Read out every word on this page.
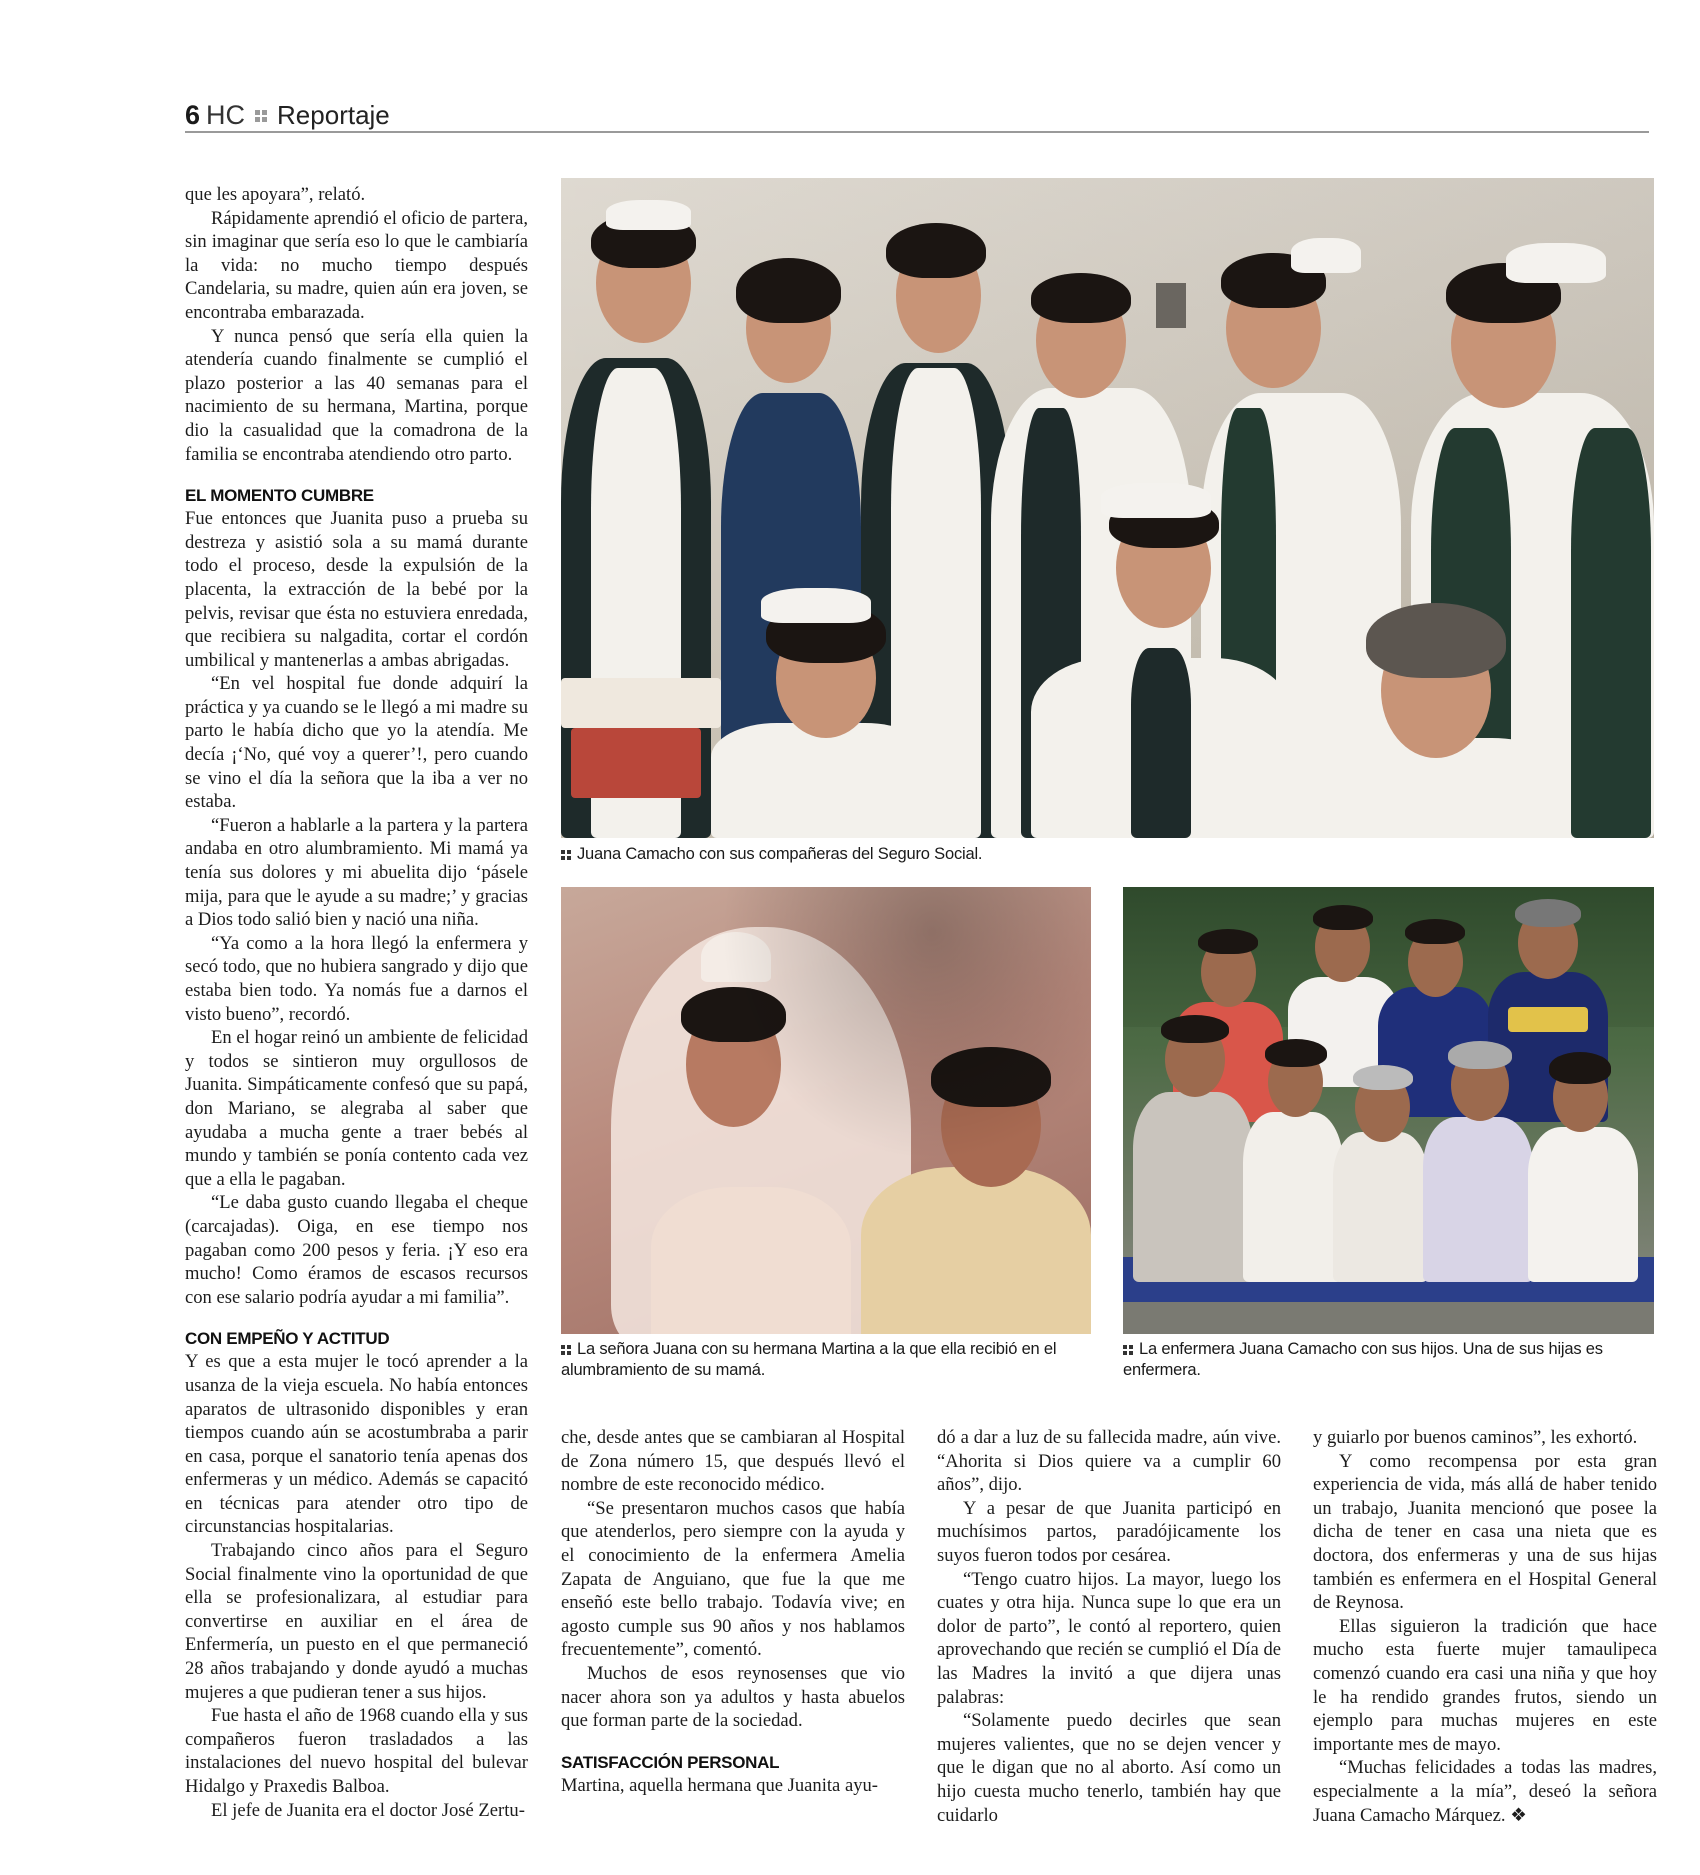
6 HC Reportaje

que les apoyara”, relató.

Rápidamente aprendió el oficio de partera, sin imaginar que sería eso lo que le cambiaría la vida: no mucho tiempo después Candelaria, su madre, quien aún era joven, se encontraba embarazada.

Y nunca pensó que sería ella quien la atendería cuando finalmente se cumplió el plazo posterior a las 40 semanas para el nacimiento de su hermana, Martina, porque dio la casualidad que la comadrona de la familia se encontraba atendiendo otro parto.

EL MOMENTO CUMBRE

Fue entonces que Juanita puso a prueba su destreza y asistió sola a su mamá durante todo el proceso, desde la expulsión de la placenta, la extracción de la bebé por la pelvis, revisar que ésta no estuviera enredada, que recibiera su nalgadita, cortar el cordón umbilical y mantenerlas a ambas abrigadas.

“En vel hospital fue donde adquirí la práctica y ya cuando se le llegó a mi madre su parto le había dicho que yo la atendía. Me decía ¡‘No, qué voy a querer’!, pero cuando se vino el día la señora que la iba a ver no estaba.

“Fueron a hablarle a la partera y la partera andaba en otro alumbramiento. Mi mamá ya tenía sus dolores y mi abuelita dijo ‘pásele mija, para que le ayude a su madre;’ y gracias a Dios todo salió bien y nació una niña.

“Ya como a la hora llegó la enfermera y secó todo, que no hubiera sangrado y dijo que estaba bien todo. Ya nomás fue a darnos el visto bueno”, recordó.

En el hogar reinó un ambiente de felicidad y todos se sintieron muy orgullosos de Juanita. Simpáticamente confesó que su papá, don Mariano, se alegraba al saber que ayudaba a mucha gente a traer bebés al mundo y también se ponía contento cada vez que a ella le pagaban.

“Le daba gusto cuando llegaba el cheque (carcajadas). Oiga, en ese tiempo nos pagaban como 200 pesos y feria. ¡Y eso era mucho! Como éramos de escasos recursos con ese salario podría ayudar a mi familia”.

CON EMPEÑO Y ACTITUD

Y es que a esta mujer le tocó aprender a la usanza de la vieja escuela. No había entonces aparatos de ultrasonido disponibles y eran tiempos cuando aún se acostumbraba a parir en casa, porque el sanatorio tenía apenas dos enfermeras y un médico. Además se capacitó en técnicas para atender otro tipo de circunstancias hospitalarias.

Trabajando cinco años para el Seguro Social finalmente vino la oportunidad de que ella se profesionalizara, al estudiar para convertirse en auxiliar en el área de Enfermería, un puesto en el que permaneció 28 años trabajando y donde ayudó a muchas mujeres a que pudieran tener a sus hijos.

Fue hasta el año de 1968 cuando ella y sus compañeros fueron trasladados a las instalaciones del nuevo hospital del bulevar Hidalgo y Praxedis Balboa.

El jefe de Juanita era el doctor José Zertu-

Juana Camacho con sus compañeras del Seguro Social.
La señora Juana con su hermana Martina a la que ella recibió en el alumbramiento de su mamá.
La enfermera Juana Camacho con sus hijos. Una de sus hijas es enfermera.

che, desde antes que se cambiaran al Hospital de Zona número 15, que después llevó el nombre de este reconocido médico.

“Se presentaron muchos casos que había que atenderlos, pero siempre con la ayuda y el conocimiento de la enfermera Amelia Zapata de Anguiano, que fue la que me enseñó este bello trabajo. Todavía vive; en agosto cumple sus 90 años y nos hablamos frecuentemente”, comentó.

Muchos de esos reynosenses que vio nacer ahora son ya adultos y hasta abuelos que forman parte de la sociedad.

SATISFACCIÓN PERSONAL

Martina, aquella hermana que Juanita ayu-

dó a dar a luz de su fallecida madre, aún vive. “Ahorita si Dios quiere va a cumplir 60 años”, dijo.

Y a pesar de que Juanita participó en muchísimos partos, paradójicamente los suyos fueron todos por cesárea.

“Tengo cuatro hijos. La mayor, luego los cuates y otra hija. Nunca supe lo que era un dolor de parto”, le contó al reportero, quien aprovechando que recién se cumplió el Día de las Madres la invitó a que dijera unas palabras:

“Solamente puedo decirles que sean mujeres valientes, que no se dejen vencer y que le digan que no al aborto. Así como un hijo cuesta mucho tenerlo, también hay que cuidarlo

y guiarlo por buenos caminos”, les exhortó.

Y como recompensa por esta gran experiencia de vida, más allá de haber tenido un trabajo, Juanita mencionó que posee la dicha de tener en casa una nieta que es doctora, dos enfermeras y una de sus hijas también es enfermera en el Hospital General de Reynosa.

Ellas siguieron la tradición que hace mucho esta fuerte mujer tamaulipeca comenzó cuando era casi una niña y que hoy le ha rendido grandes frutos, siendo un ejemplo para muchas mujeres en este importante mes de mayo.

“Muchas felicidades a todas las madres, especialmente a la mía”, deseó la señora Juana Camacho Márquez. ❖
